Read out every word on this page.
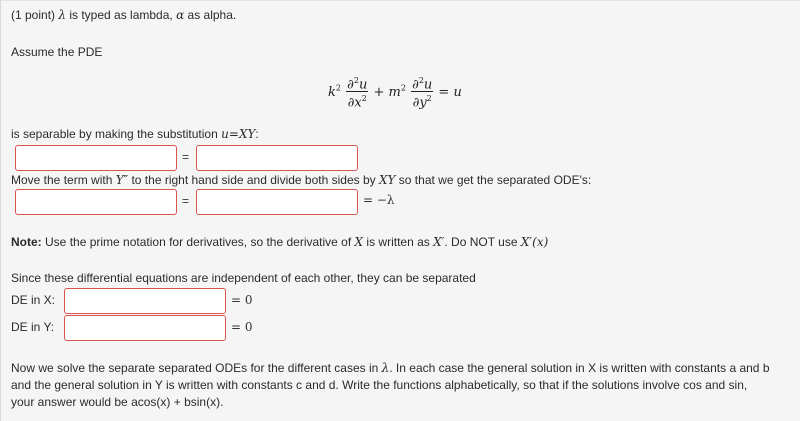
(1 point) λ is typed as lambda, α as alpha.
Assume the PDE
$k^2 \frac{\partial^2u}{\partial x^2} + m^2 \frac{\partial^2u}{\partial y^2} = u$
is separable by making the substitution u=XY:
=
Move the term with Y″ to the right hand side and divide both sides by XY so that we get the separated ODE's:
=	= −λ
Note: Use the prime notation for derivatives, so the derivative of X is written as X′. Do NOT use X′(x)
Since these differential equations are independent of each other, they can be separated
DE in X:	= 0
DE in Y:	= 0
Now we solve the separate separated ODEs for the different cases in λ. In each case the general solution in X is written with constants a and b and the general solution in Y is written with constants c and d. Write the functions alphabetically, so that if the solutions involve cos and sin, your answer would be acos(x) + bsin(x).
